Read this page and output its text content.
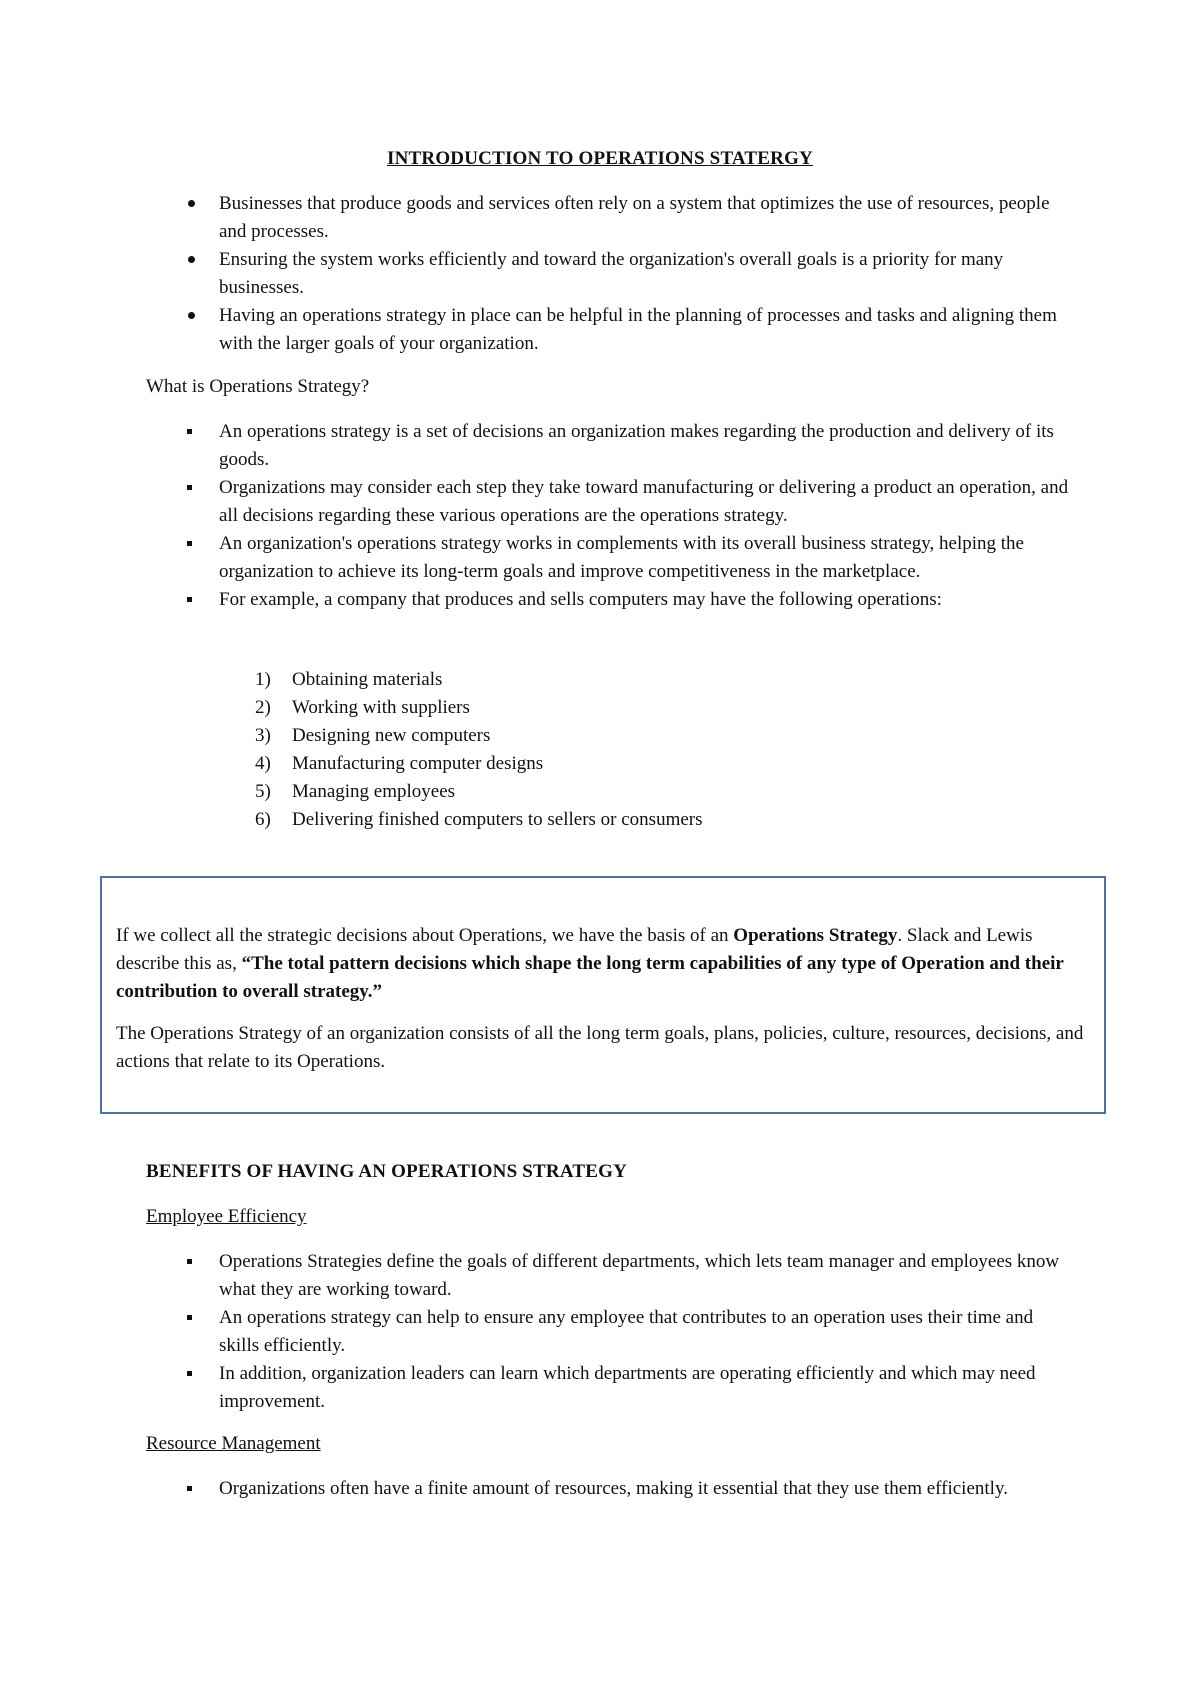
INTRODUCTION TO OPERATIONS STATERGY
Businesses that produce goods and services often rely on a system that optimizes the use of resources, people and processes.
Ensuring the system works efficiently and toward the organization's overall goals is a priority for many businesses.
Having an operations strategy in place can be helpful in the planning of processes and tasks and aligning them with the larger goals of your organization.
What is Operations Strategy?
An operations strategy is a set of decisions an organization makes regarding the production and delivery of its goods.
Organizations may consider each step they take toward manufacturing or delivering a product an operation, and all decisions regarding these various operations are the operations strategy.
An organization's operations strategy works in complements with its overall business strategy, helping the organization to achieve its long-term goals and improve competitiveness in the marketplace.
For example, a company that produces and sells computers may have the following operations:
1) Obtaining materials
2) Working with suppliers
3) Designing new computers
4) Manufacturing computer designs
5) Managing employees
6) Delivering finished computers to sellers or consumers

If we collect all the strategic decisions about Operations, we have the basis of an Operations Strategy. Slack and Lewis describe this as, “The total pattern decisions which shape the long term capabilities of any type of Operation and their contribution to overall strategy.”

The Operations Strategy of an organization consists of all the long term goals, plans, policies, culture, resources, decisions, and actions that relate to its Operations.

BENEFITS OF HAVING AN OPERATIONS STRATEGY
Employee Efficiency
Operations Strategies define the goals of different departments, which lets team manager and employees know what they are working toward.
An operations strategy can help to ensure any employee that contributes to an operation uses their time and skills efficiently.
In addition, organization leaders can learn which departments are operating efficiently and which may need improvement.
Resource Management
Organizations often have a finite amount of resources, making it essential that they use them efficiently.
